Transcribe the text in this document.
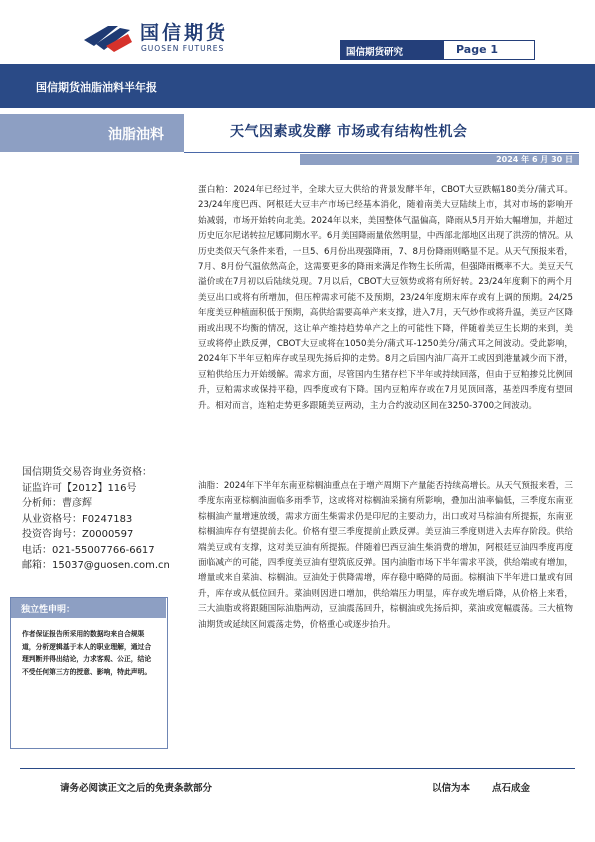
国信期货
GUOSEN FUTURES	国信期货研究	Page 1
国信期货油脂油料半年报
油脂油料	天气因素或发酵 市场或有结构性机会
2024 年 6 月 30 日
蛋白粕：2024年已经过半，全球大豆大供给的背景发酵半年，CBOT大豆跌幅180美分/蒲式耳。23/24年度巴西、阿根廷大豆丰产市场已经基本消化，随着南美大豆陆续上市，其对市场的影响开始减弱，市场开始转向北美。2024年以来，美国整体气温偏高，降雨从5月开始大幅增加，并超过历史厄尔尼诺转拉尼娜同期水平。6月美国降雨量依然明显，中西部北部地区出现了洪涝的情况。从历史类似天气条件来看，一旦5、6月份出现强降雨，7、8月份降雨则略显不足。从天气预报来看，7月、8月份气温依然高企，这需要更多的降雨来满足作物生长所需，但强降雨概率不大。美豆天气溢价或在7月初以后陆续兑现。7月以后，CBOT大豆领势或将有所好转。23/24年度剩下的两个月美豆出口或将有所增加，但压榨需求可能不及预期，23/24年度期末库存或有上调的预期。24/25年度美豆种植面积低于预期，高供给需要高单产来支撑，进入7月，天气炒作或将升温，美豆产区降雨或出现不均衡的情况，这让单产维持趋势单产之上的可能性下降，伴随着美豆生长期的来到，美豆或将停止跌反弹，CBOT大豆或将在1050美分/蒲式耳-1250美分/蒲式耳之间波动。受此影响，2024年下半年豆粕库存或呈现先扬后抑的走势。8月之后国内油厂高开工或因到港量减少而下滑，豆粕供给压力开始缓解。需求方面，尽管国内生猪存栏下半年或持续回落，但由于豆粕掺兑比例回升，豆粕需求或保持平稳，四季度或有下降。国内豆粕库存或在7月见顶回落，基差四季度有望回升。相对而言，连粕走势更多跟随美豆两动，主力合约波动区间在3250-3700之间波动。
油脂：2024年下半年东南亚棕榈油重点在于增产周期下产量能否持续高增长。从天气预报来看，三季度东南亚棕榈油面临多雨季节，这或将对棕榈油采摘有所影响，叠加出油率偏低，三季度东南亚棕榈油产量增速放缓，需求方面生柴需求仍是印尼的主要动力，出口或对马棕油有所提振，东南亚棕榈油库存有望提前去化。价格有望三季度提前止跌反弹。美豆油三季度则进入去库存阶段。供给端美豆或有支撑，这对美豆油有所提振。伴随着巴西豆油生柴消费的增加，阿根廷豆油四季度再度面临减产的可能，四季度美豆油有望筑底反弹。国内油脂市场下半年需求平淡，供给端或有增加，增量或来自菜油、棕榈油。豆油处于供降需增，库存稳中略降的局面。棕榈油下半年进口量或有回升，库存或从低位回升。菜油则因进口增加，供给端压力明显，库存或先增后降，从价格上来看，三大油脂或将跟随国际油脂两动，豆油震荡回升，棕榈油或先扬后抑，菜油或宽幅震荡。三大植物油期货或延续区间震荡走势，价格重心或逐步抬升。
国信期货交易咨询业务资格：
证监许可【2012】116号
分析师：曹彦辉
从业资格号：F0247183
投资咨询号：Z0000597
电话：021-55007766-6617
邮箱：15037@guosen.com.cn
独立性申明：
作者保证报告所采用的数据均来自合规渠道，分析逻辑基于本人的职业理解，通过合理判断并得出结论，力求客观、公正，结论不受任何第三方的授意、影响，特此声明。
请务必阅读正文之后的免责条款部分	以信为本 点石成金
